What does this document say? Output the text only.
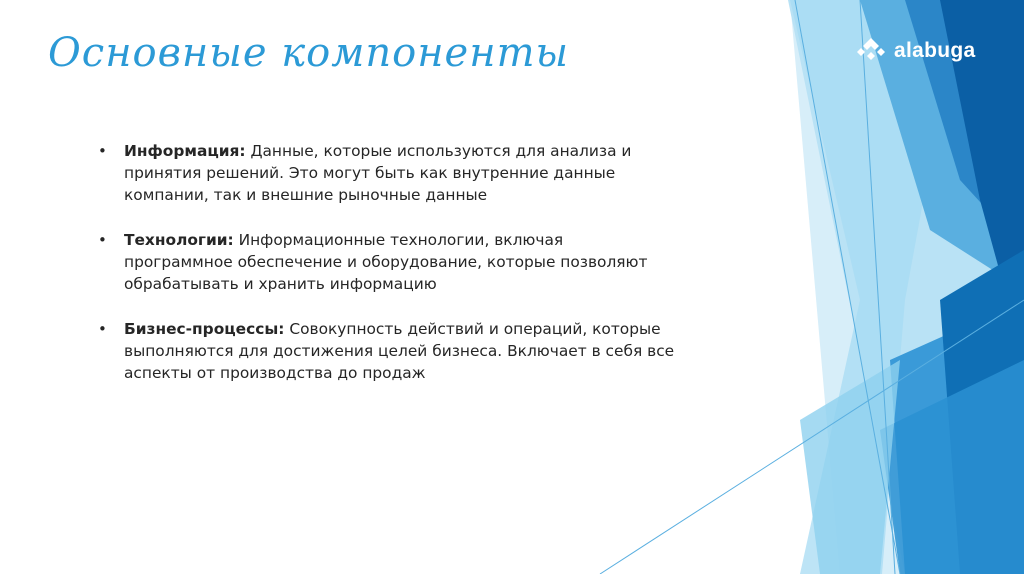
Основные компоненты	alabuga
• Информация: Данные, которые используются для анализа и принятия решений. Это могут быть как внутренние данные компании, так и внешние рыночные данные
• Технологии: Информационные технологии, включая программное обеспечение и оборудование, которые позволяют обрабатывать и хранить информацию
• Бизнес-процессы: Совокупность действий и операций, которые выполняются для достижения целей бизнеса. Включает в себя все аспекты от производства до продаж
